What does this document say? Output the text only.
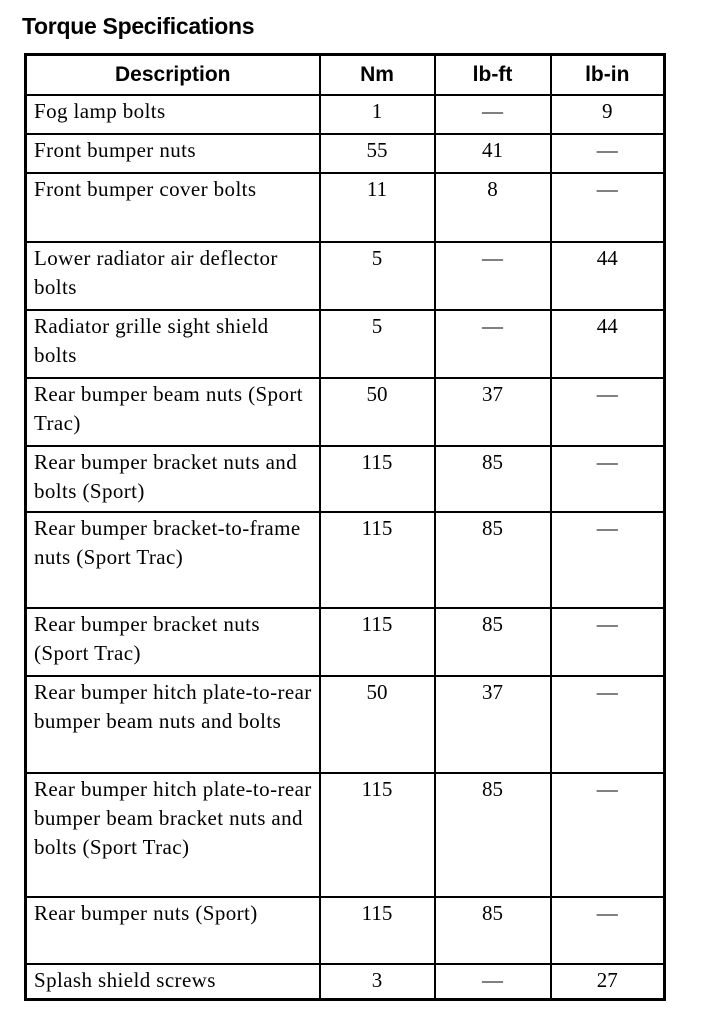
Torque Specifications
Description	Nm	lb-ft	lb-in
Fog lamp bolts	1	—	9
Front bumper nuts	55	41	—
Front bumper cover bolts	11	8	—
Lower radiator air deflector bolts	5	—	44
Radiator grille sight shield bolts	5	—	44
Rear bumper beam nuts (Sport Trac)	50	37	—
Rear bumper bracket nuts and bolts (Sport)	115	85	—
Rear bumper bracket-to-frame nuts (Sport Trac)	115	85	—
Rear bumper bracket nuts (Sport Trac)	115	85	—
Rear bumper hitch plate-to-rear bumper beam nuts and bolts	50	37	—
Rear bumper hitch plate-to-rear bumper beam bracket nuts and bolts (Sport Trac)	115	85	—
Rear bumper nuts (Sport)	115	85	—
Splash shield screws	3	—	27
